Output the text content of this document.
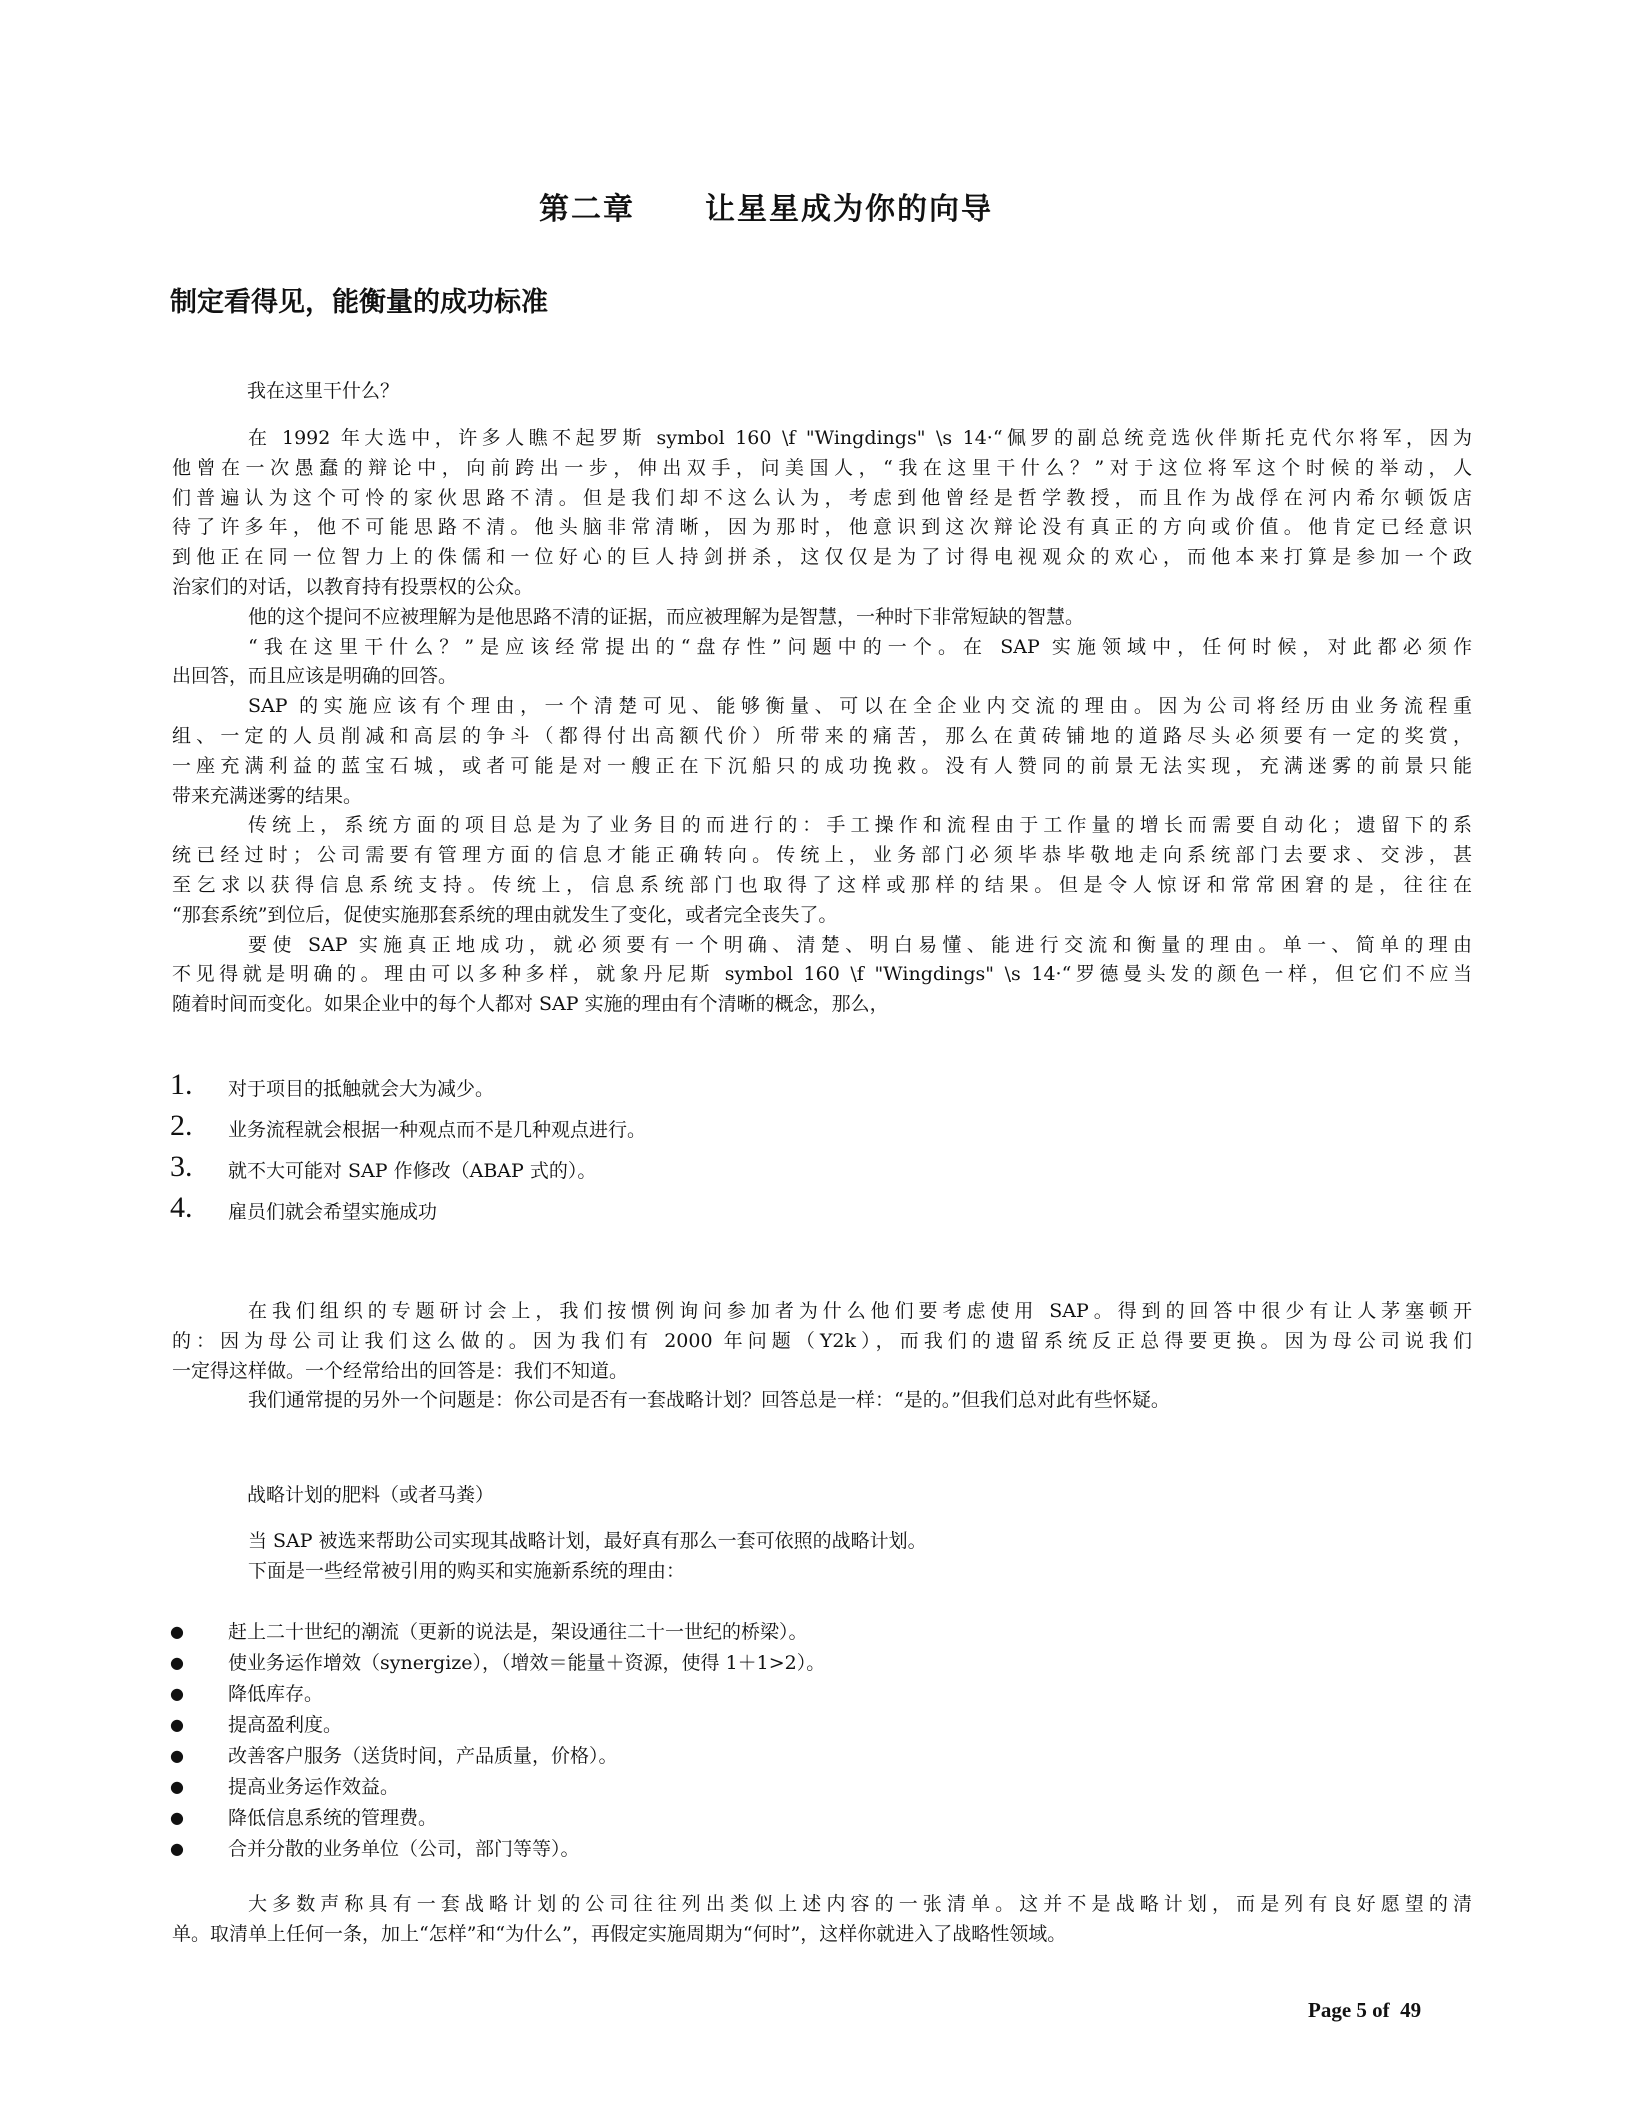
第二章 让星星成为你的向导
制定看得见，能衡量的成功标准
我在这里干什么？
在 1992 年大选中，许多人瞧不起罗斯 symbol 160 \f "Wingdings" \s 14·“佩罗的副总统竞选伙伴斯托克代尔将军，因为
他曾在一次愚蠢的辩论中，向前跨出一步，伸出双手，问美国人，“我在这里干什么？”对于这位将军这个时候的举动，人
们普遍认为这个可怜的家伙思路不清。但是我们却不这么认为，考虑到他曾经是哲学教授，而且作为战俘在河内希尔顿饭店
待了许多年，他不可能思路不清。他头脑非常清晰，因为那时，他意识到这次辩论没有真正的方向或价值。他肯定已经意识
到他正在同一位智力上的侏儒和一位好心的巨人持剑拼杀，这仅仅是为了讨得电视观众的欢心，而他本来打算是参加一个政
治家们的对话，以教育持有投票权的公众。
他的这个提问不应被理解为是他思路不清的证据，而应被理解为是智慧，一种时下非常短缺的智慧。
“我在这里干什么？”是应该经常提出的“盘存性”问题中的一个。在 SAP 实施领域中，任何时候，对此都必须作
出回答，而且应该是明确的回答。
SAP 的实施应该有个理由，一个清楚可见、能够衡量、可以在全企业内交流的理由。因为公司将经历由业务流程重
组、一定的人员削减和高层的争斗（都得付出高额代价）所带来的痛苦，那么在黄砖铺地的道路尽头必须要有一定的奖赏，
一座充满利益的蓝宝石城，或者可能是对一艘正在下沉船只的成功挽救。没有人赞同的前景无法实现，充满迷雾的前景只能
带来充满迷雾的结果。
传统上，系统方面的项目总是为了业务目的而进行的：手工操作和流程由于工作量的增长而需要自动化；遗留下的系
统已经过时；公司需要有管理方面的信息才能正确转向。传统上，业务部门必须毕恭毕敬地走向系统部门去要求、交涉，甚
至乞求以获得信息系统支持。传统上，信息系统部门也取得了这样或那样的结果。但是令人惊讶和常常困窘的是，往往在
“那套系统”到位后，促使实施那套系统的理由就发生了变化，或者完全丧失了。
要使 SAP 实施真正地成功，就必须要有一个明确、清楚、明白易懂、能进行交流和衡量的理由。单一、简单的理由
不见得就是明确的。理由可以多种多样，就象丹尼斯 symbol 160 \f "Wingdings" \s 14·“罗德曼头发的颜色一样，但它们不应当
随着时间而变化。如果企业中的每个人都对 SAP 实施的理由有个清晰的概念，那么，
1. 对于项目的抵触就会大为减少。
2. 业务流程就会根据一种观点而不是几种观点进行。
3. 就不大可能对 SAP 作修改（ABAP 式的）。
4. 雇员们就会希望实施成功
在我们组织的专题研讨会上，我们按惯例询问参加者为什么他们要考虑使用 SAP。得到的回答中很少有让人茅塞顿开
的：因为母公司让我们这么做的。因为我们有 2000 年问题（Y2k），而我们的遗留系统反正总得要更换。因为母公司说我们
一定得这样做。一个经常给出的回答是：我们不知道。
我们通常提的另外一个问题是：你公司是否有一套战略计划？回答总是一样：“是的。”但我们总对此有些怀疑。
战略计划的肥料（或者马粪）
当 SAP 被选来帮助公司实现其战略计划，最好真有那么一套可依照的战略计划。
下面是一些经常被引用的购买和实施新系统的理由：
● 赶上二十世纪的潮流（更新的说法是，架设通往二十一世纪的桥梁）。
● 使业务运作增效（synergize），（增效＝能量＋资源，使得 1＋1>2）。
● 降低库存。
● 提高盈利度。
● 改善客户服务（送货时间，产品质量，价格）。
● 提高业务运作效益。
● 降低信息系统的管理费。
● 合并分散的业务单位（公司，部门等等）。
大多数声称具有一套战略计划的公司往往列出类似上述内容的一张清单。这并不是战略计划，而是列有良好愿望的清
单。取清单上任何一条，加上“怎样”和“为什么”，再假定实施周期为“何时”，这样你就进入了战略性领域。
Page 5 of  49
